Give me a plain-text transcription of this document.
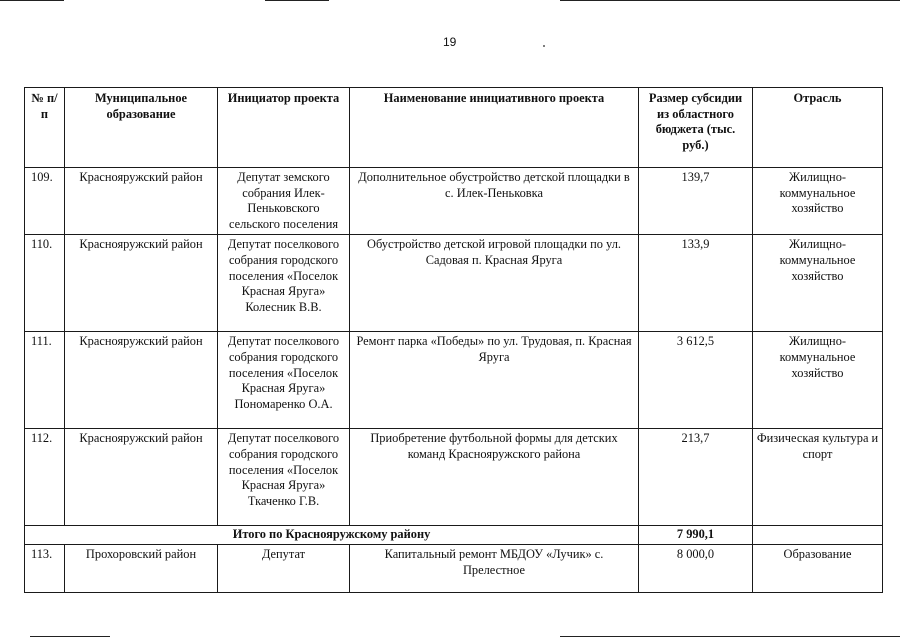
19
№ п/п	Муниципальное образование	Инициатор проекта	Наименование инициативного проекта	Размер субсидии из областного бюджета (тыс. руб.)	Отрасль
109.	Краснояружский район	Депутат земского собрания Илек-Пеньковского сельского поселения	Дополнительное обустройство детской площадки в с. Илек-Пеньковка	139,7	Жилищно-коммунальное хозяйство
110.	Краснояружский район	Депутат поселкового собрания городского поселения «Поселок Красная Яруга» Колесник В.В.	Обустройство детской игровой площадки по ул. Садовая п. Красная Яруга	133,9	Жилищно-коммунальное хозяйство
111.	Краснояружский район	Депутат поселкового собрания городского поселения «Поселок Красная Яруга» Пономаренко О.А.	Ремонт парка «Победы» по ул. Трудовая, п. Красная Яруга	3 612,5	Жилищно-коммунальное хозяйство
112.	Краснояружский район	Депутат поселкового собрания городского поселения «Поселок Красная Яруга» Ткаченко Г.В.	Приобретение футбольной формы для детских команд Краснояружского района	213,7	Физическая культура и спорт
Итого по Краснояружскому району				7 990,1	
113.	Прохоровский район	Депутат	Капитальный ремонт МБДОУ «Лучик» с. Прелестное	8 000,0	Образование
